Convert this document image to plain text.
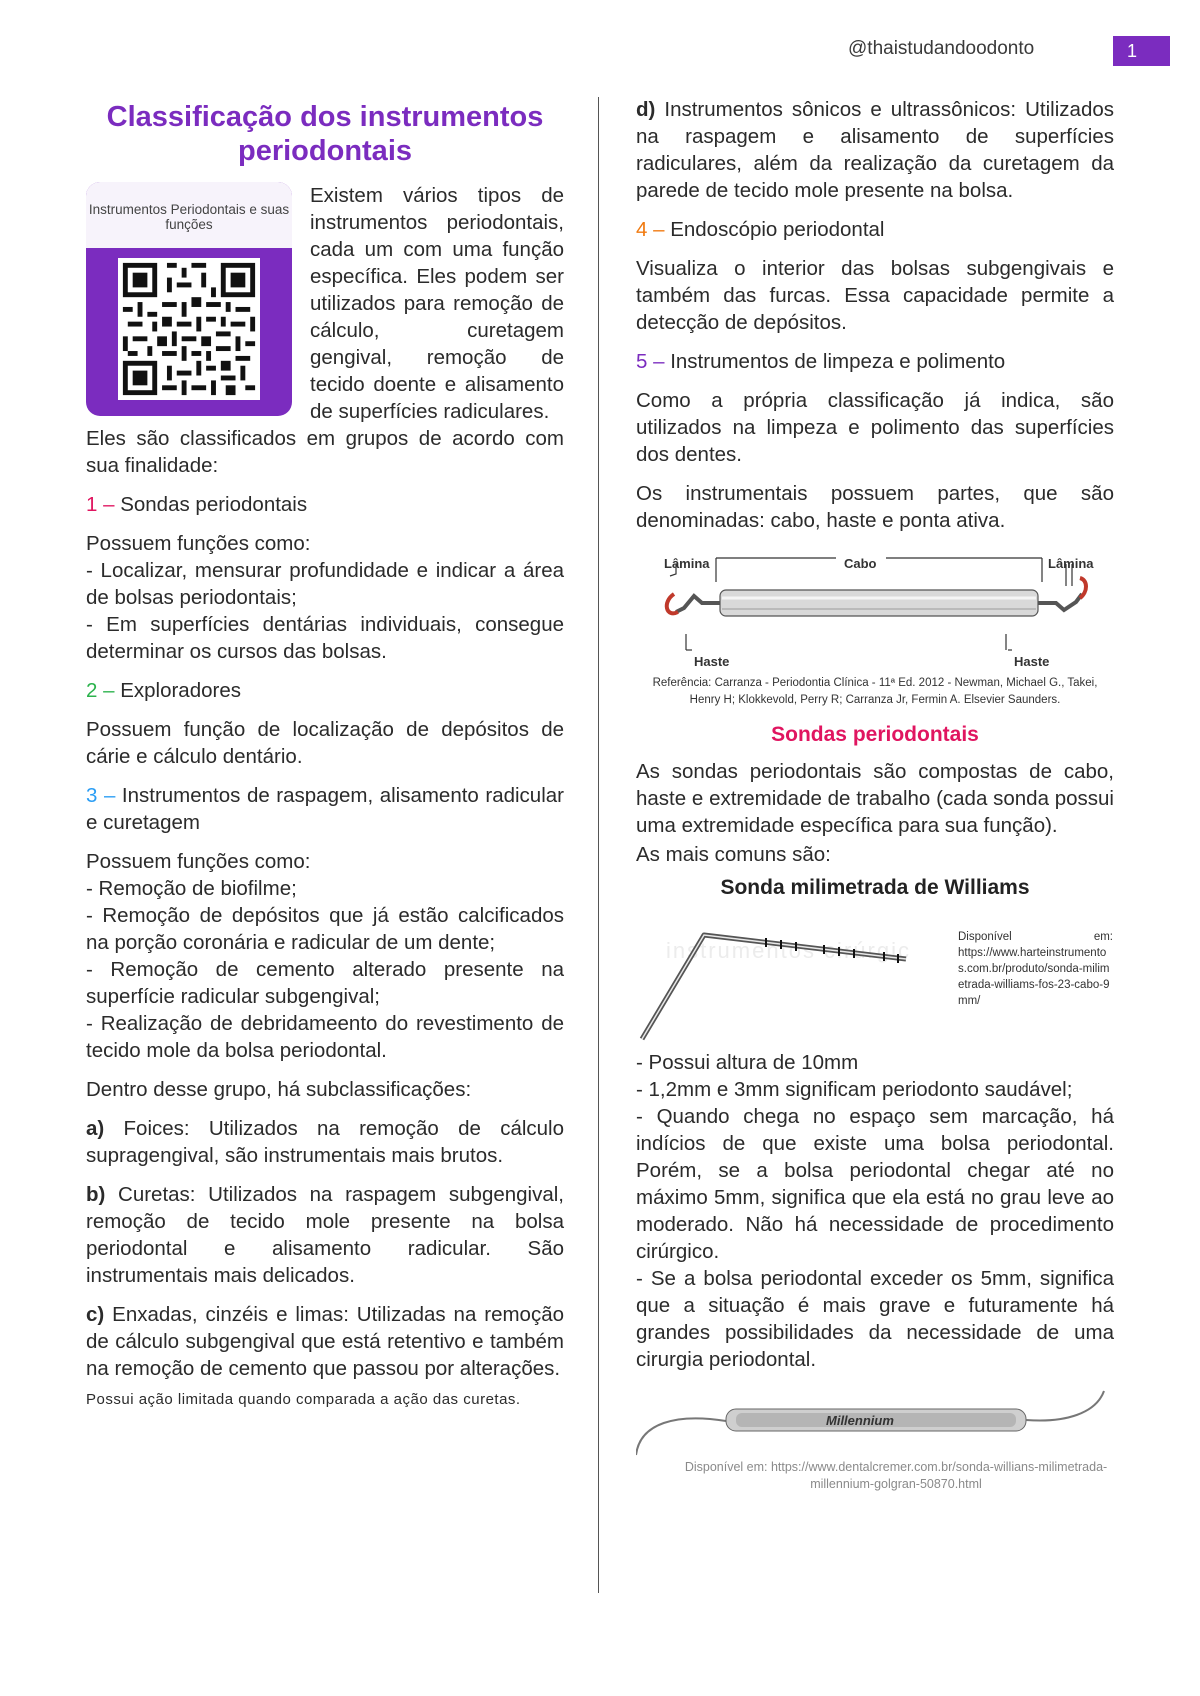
@thaistudandoodonto	1
Classificação dos instrumentos periodontais
Instrumentos Periodontais e suas funções

Existem vários tipos de instrumentos periodontais, cada um com uma função específica. Eles podem ser utilizados para remoção de cálculo, curetagem gengival, remoção de tecido doente e alisamento de superfícies radiculares.

Eles são classificados em grupos de acordo com sua finalidade:

1 – Sondas periodontais

Possuem funções como:
- Localizar, mensurar profundidade e indicar a área de bolsas periodontais;
- Em superfícies dentárias individuais, consegue determinar os cursos das bolsas.

2 – Exploradores

Possuem função de localização de depósitos de cárie e cálculo dentário.

3 – Instrumentos de raspagem, alisamento radicular e curetagem

Possuem funções como:
- Remoção de biofilme;
- Remoção de depósitos que já estão calcificados na porção coronária e radicular de um dente;
- Remoção de cemento alterado presente na superfície radicular subgengival;
- Realização de debridameento do revestimento de tecido mole da bolsa periodontal.

Dentro desse grupo, há subclassificações:

a) Foices: Utilizados na remoção de cálculo supragengival, são instrumentais mais brutos.

b) Curetas: Utilizados na raspagem subgengival, remoção de tecido mole presente na bolsa periodontal e alisamento radicular. São instrumentais mais delicados.

c) Enxadas, cinzéis e limas: Utilizadas na remoção de cálculo subgengival que está retentivo e também na remoção de cemento que passou por alterações.

Possui ação limitada quando comparada a ação das curetas.

d) Instrumentos sônicos e ultrassônicos: Utilizados na raspagem e alisamento de superfícies radiculares, além da realização da curetagem da parede de tecido mole presente na bolsa.

4 – Endoscópio periodontal

Visualiza o interior das bolsas subgengivais e também das furcas. Essa capacidade permite a detecção de depósitos.

5 – Instrumentos de limpeza e polimento

Como a própria classificação já indica, são utilizados na limpeza e polimento das superfícies dos dentes.

Os instrumentais possuem partes, que são denominadas: cabo, haste e ponta ativa.

Lâmina	Cabo	Lâmina
Haste	Haste

Referência: Carranza - Periodontia Clínica - 11ª Ed. 2012 - Newman, Michael G., Takei, Henry H; Klokkevold, Perry R; Carranza Jr, Fermin A. Elsevier Saunders.

Sondas periodontais

As sondas periodontais são compostas de cabo, haste e extremidade de trabalho (cada sonda possui uma extremidade específica para sua função).

As mais comuns são:

Sonda milimetrada de Williams

instrumentos cirúrgic
Disponível em:
https://www.harteinstrumentos.com.br/produto/sonda-milimetrada-williams-fos-23-cabo-9mm/
- Possui altura de 10mm
- 1,2mm e 3mm significam periodonto saudável;
- Quando chega no espaço sem marcação, há indícios de que existe uma bolsa periodontal. Porém, se a bolsa periodontal chegar até no máximo 5mm, significa que ela está no grau leve ao moderado. Não há necessidade de procedimento cirúrgico.
- Se a bolsa periodontal exceder os 5mm, significa que a situação é mais grave e futuramente há grandes possibilidades da necessidade de uma cirurgia periodontal.
Millennium
Disponível em: https://www.dentalcremer.com.br/sonda-willians-milimetrada-millennium-golgran-50870.html
